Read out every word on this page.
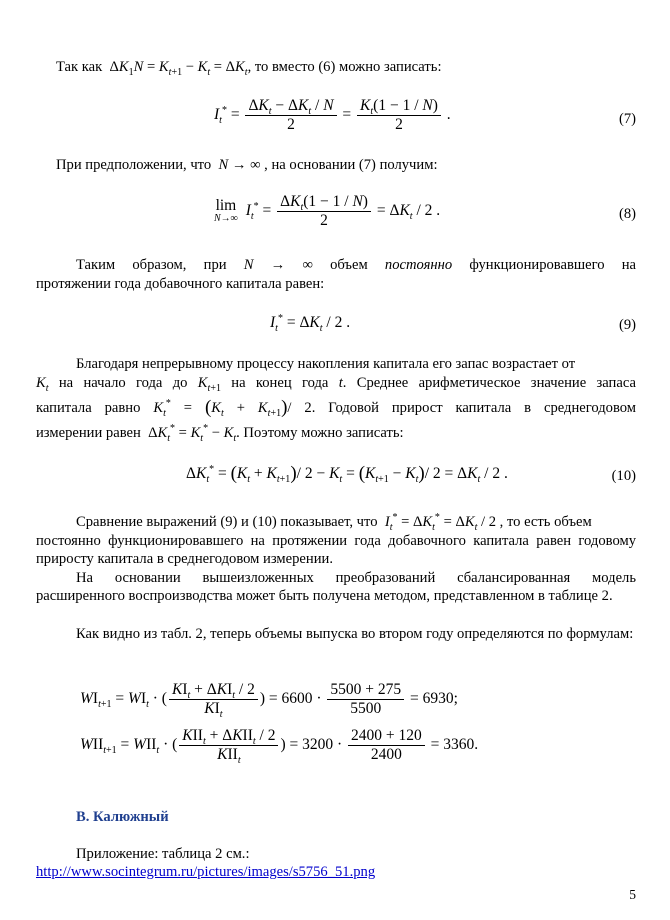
Так как  $\Delta K_1N = K_{t+1} - K_t = \Delta K_t$, то вместо (6) можно записать:
$I_t^* = \frac{\Delta K_t - \Delta K_t / N}{2} = \frac{K_t(1 - 1 / N)}{2}$ .	(7)
При предположении, что N → ∞ , на основании (7) получим:
lim
N→∞ $I_t^* = \frac{\Delta K_t(1 - 1 / N)}{2} = \Delta K_t / 2$ .	(8)
Таким образом, при N → ∞ объем постоянно функционировавшего на
протяжении года добавочного капитала равен:
$I_t^* = \Delta K_t / 2$ .	(9)
Благодаря непрерывному процессу накопления капитала его запас возрастает от
$K_t$ на начало года до $K_{t+1}$ на конец года t. Среднее арифметическое значение запаса
капитала равно $K_t^* = (K_t + K_{t+1})/$ 2. Годовой прирост капитала в среднегодовом
измерении равен  $\Delta K_t^* = K_t^* - K_t$. Поэтому можно записать:
$\Delta K_t^* = (K_t + K_{t+1})/$ $2 - K_t = (K_{t+1} - K_t)/$ $2 = \Delta K_t / 2$ .	(10)
Сравнение выражений (9) и (10) показывает, что $I_t^* = \Delta K_t^* = \Delta K_t / 2$ , то есть объем
постоянно функционировавшего на протяжении года добавочного капитала равен годовому приросту капитала в среднегодовом измерении.
На основании вышеизложенных преобразований сбалансированная модель расширенного воспроизводства может быть получена методом, представленном в таблице 2.
Как видно из табл. 2, теперь объемы выпуска во втором году определяются по формулам:
$WI_{t+1} = WI_t$ · ( $\frac{KI_t + \Delta KI_t / 2}{KI_t}$ ) = $6600 \cdot \frac{5500 + 275}{5500} = 6930$;
$WII_{t+1} = WII_t$ · ( $\frac{KII_t + \Delta KII_t / 2}{KII_t}$ ) = $3200 \cdot \frac{2400 + 120}{2400} = 3360$.
В. Калюжный
Приложение: таблица 2 см.:
http://www.socintegrum.ru/pictures/images/s5756_51.png
5
